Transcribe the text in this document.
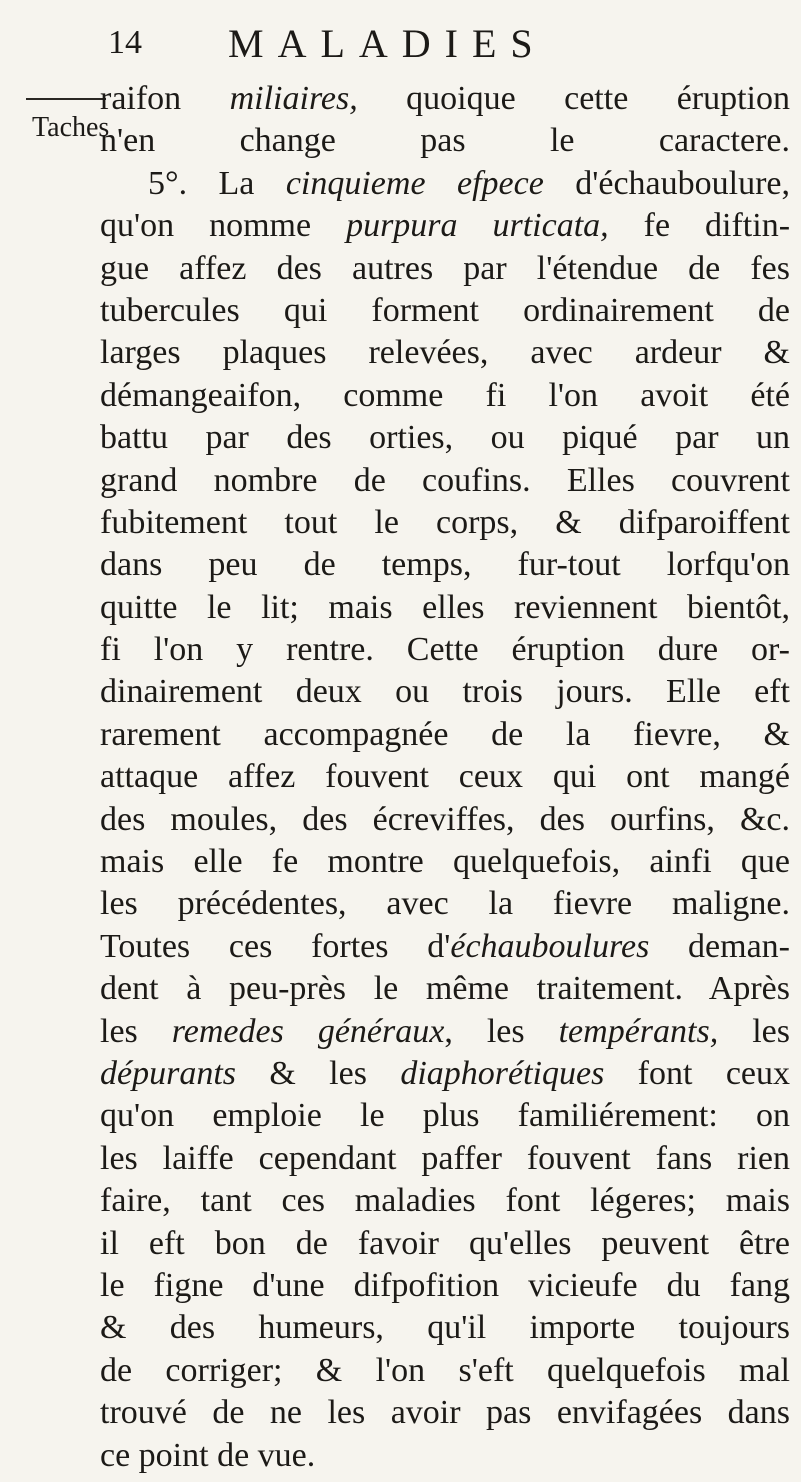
14 MALADIES
Taches
raifon miliaires, quoique cette éruption
n'en change pas le caractere.
5°. La cinquieme efpece d'échauboulure,
qu'on nomme purpura urticata, fe diftin-
gue affez des autres par l'étendue de fes
tubercules qui forment ordinairement de
larges plaques relevées, avec ardeur &
démangeaifon, comme fi l'on avoit été
battu par des orties, ou piqué par un
grand nombre de coufins. Elles couvrent
fubitement tout le corps, & difparoiffent
dans peu de temps, fur-tout lorfqu'on
quitte le lit; mais elles reviennent bientôt,
fi l'on y rentre. Cette éruption dure or-
dinairement deux ou trois jours. Elle eft
rarement accompagnée de la fievre, &
attaque affez fouvent ceux qui ont mangé
des moules, des écreviffes, des ourfins, &c.
mais elle fe montre quelquefois, ainfi que
les précédentes, avec la fievre maligne.
Toutes ces fortes d'échauboulures deman-
dent à peu-près le même traitement. Après
les remedes généraux, les tempérants, les
dépurants & les diaphorétiques font ceux
qu'on emploie le plus familiérement: on
les laiffe cependant paffer fouvent fans rien
faire, tant ces maladies font légeres; mais
il eft bon de favoir qu'elles peuvent être
le figne d'une difpofition vicieufe du fang
& des humeurs, qu'il importe toujours
de corriger; & l'on s'eft quelquefois mal
trouvé de ne les avoir pas envifagées dans
ce point de vue.
